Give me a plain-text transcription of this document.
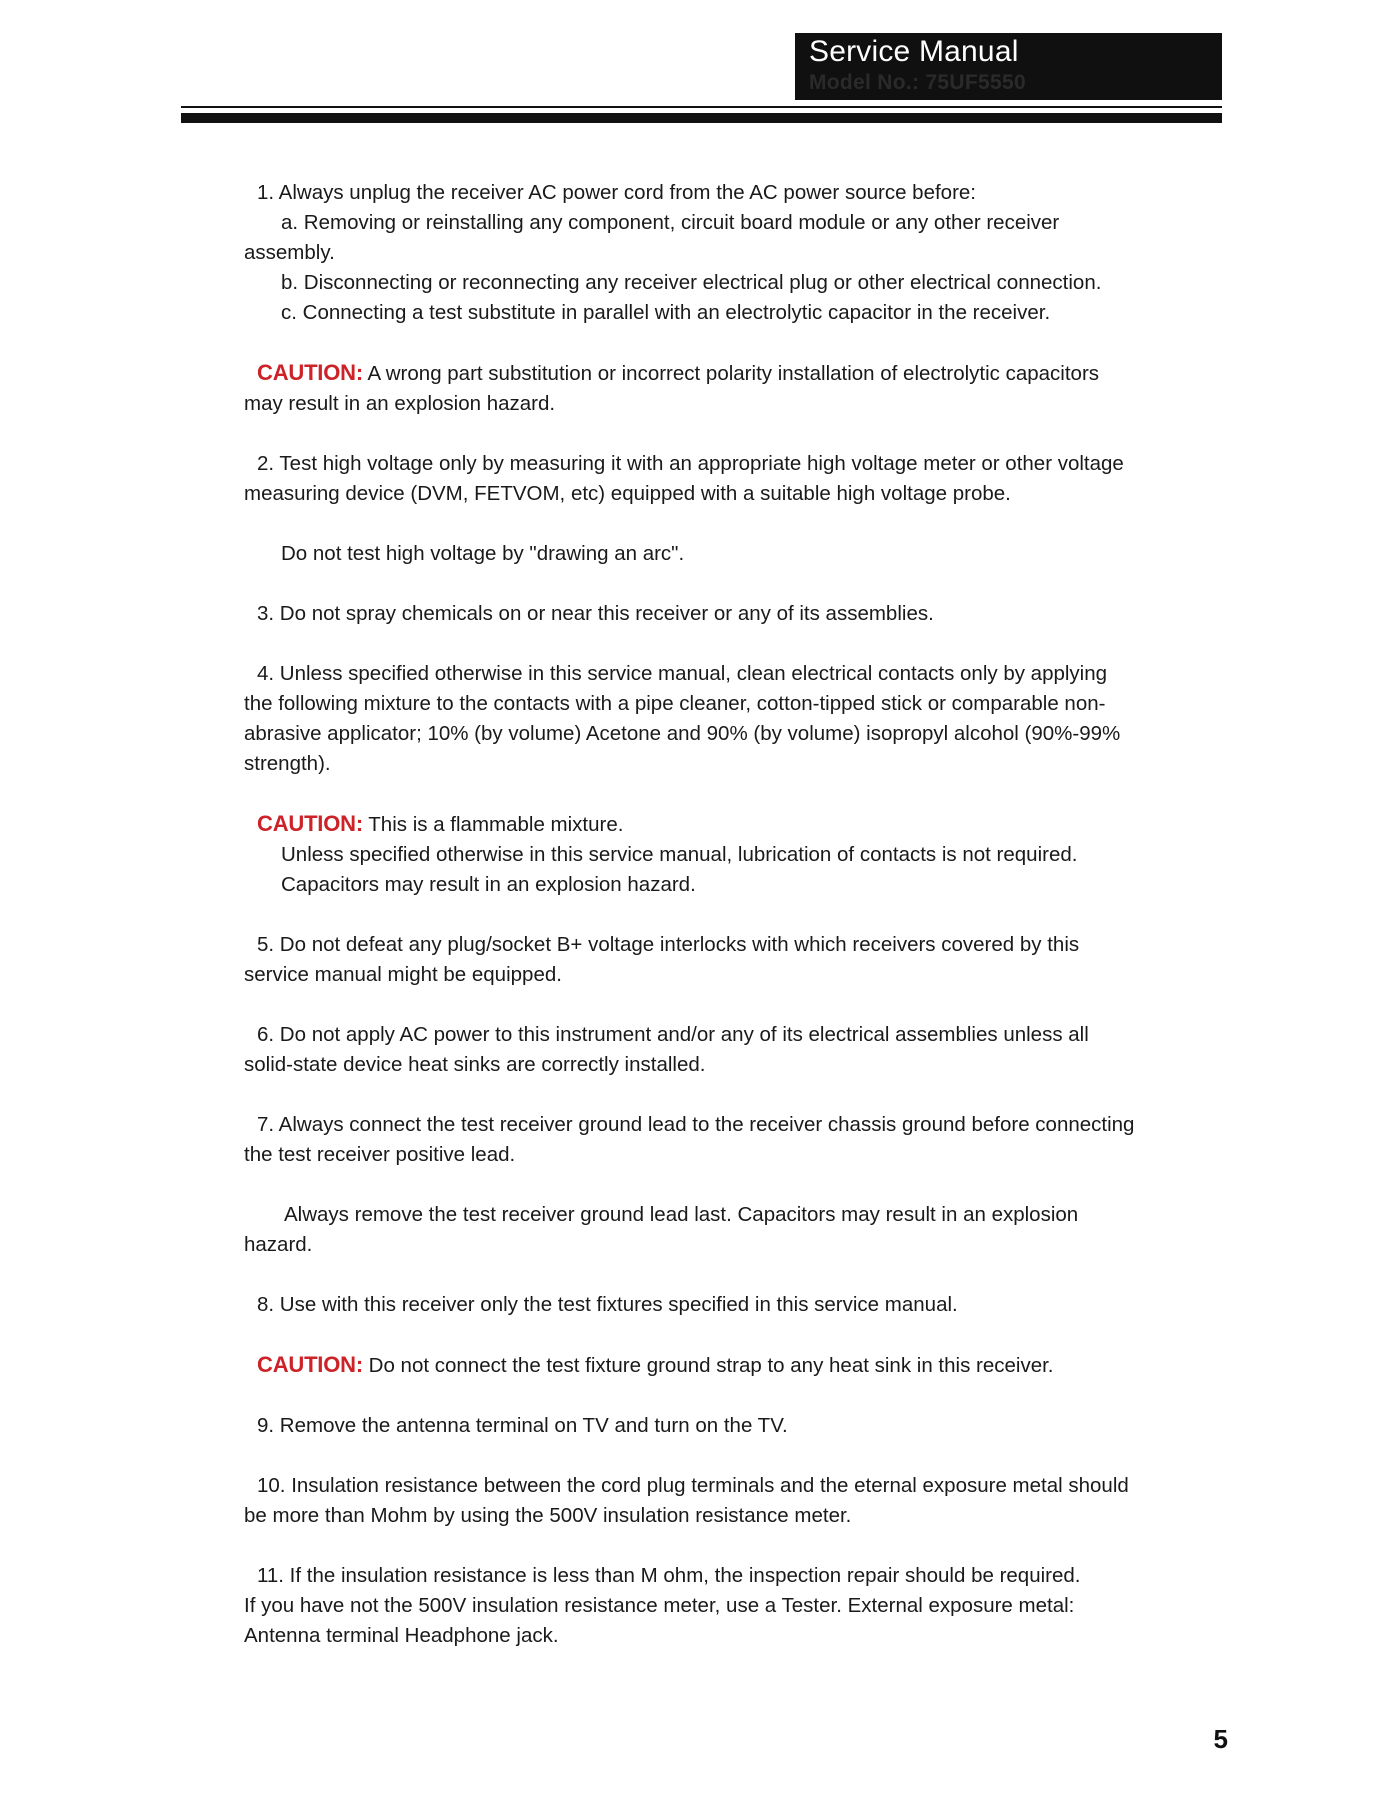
Service Manual
Model No.: 75UF5550

1. Always unplug the receiver AC power cord from the AC power source before:

a. Removing or reinstalling any component, circuit board module or any other receiver

assembly.

b. Disconnecting or reconnecting any receiver electrical plug or other electrical connection.

c. Connecting a test substitute in parallel with an electrolytic capacitor in the receiver.

CAUTION: A wrong part substitution or incorrect polarity installation of electrolytic capacitors

may result in an explosion hazard.

2. Test high voltage only by measuring it with an appropriate high voltage meter or other voltage

measuring device (DVM, FETVOM, etc) equipped with a suitable high voltage probe.

Do not test high voltage by "drawing an arc".

3. Do not spray chemicals on or near this receiver or any of its assemblies.

4. Unless specified otherwise in this service manual, clean electrical contacts only by applying

the following mixture to the contacts with a pipe cleaner, cotton-tipped stick or comparable non-

abrasive applicator; 10% (by volume) Acetone and 90% (by volume) isopropyl alcohol (90%-99%

strength).

CAUTION: This is a flammable mixture.

Unless specified otherwise in this service manual, lubrication of contacts is not required.

Capacitors may result in an explosion hazard.

5. Do not defeat any plug/socket B+ voltage interlocks with which receivers covered by this

service manual might be equipped.

6. Do not apply AC power to this instrument and/or any of its electrical assemblies unless all

solid-state device heat sinks are correctly installed.

7. Always connect the test receiver ground lead to the receiver chassis ground before connecting

the test receiver positive lead.

Always remove the test receiver ground lead last. Capacitors may result in an explosion

hazard.

8. Use with this receiver only the test fixtures specified in this service manual.

CAUTION: Do not connect the test fixture ground strap to any heat sink in this receiver.

9. Remove the antenna terminal on TV and turn on the TV.

10. Insulation resistance between the cord plug terminals and the eternal exposure metal should

be more than Mohm by using the 500V insulation resistance meter.

11. If the insulation resistance is less than M ohm, the inspection repair should be required.

If you have not the 500V insulation resistance meter, use a Tester. External exposure metal:

Antenna terminal Headphone jack.

5
